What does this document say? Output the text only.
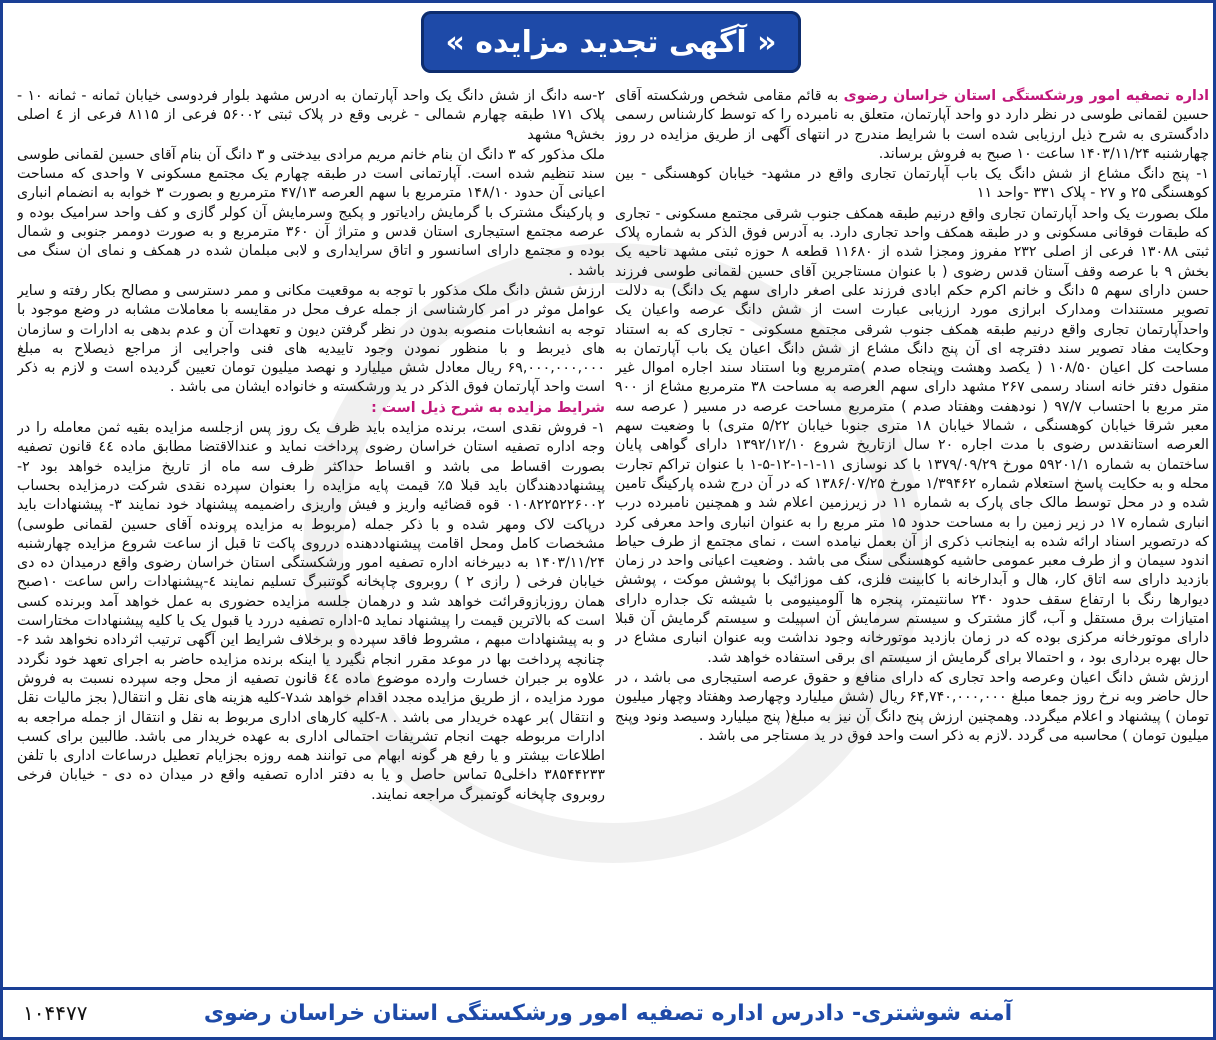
« آگهی تجدید مزایده »

اداره تصفیه امور ورشکستگی استان خراسان رضوی به قائم مقامی شخص ورشکسته آقای حسین لقمانی طوسی در نظر دارد دو واحد آپارتمان، متعلق به نامبرده را که توسط کارشناس رسمی دادگستری به شرح ذیل ارزیابی شده است با شرایط مندرج در انتهای آگهی از طریق مزایده در روز چهارشنبه ۱۴۰۳/۱۱/۲۴ ساعت ۱۰ صبح به فروش برساند.

۱- پنج دانگ مشاع از شش دانگ یک باب آپارتمان تجاری واقع در مشهد- خیابان کوهسنگی - بین کوهسنگی ۲۵ و ۲۷ - پلاک ۳۳۱ -واحد ۱۱

ملک بصورت یک واحد آپارتمان تجاری واقع درنیم طبقه همکف جنوب شرقی مجتمع مسکونی - تجاری که طبقات فوقانی مسکونی و در طبقه همکف واحد تجاری دارد. به آدرس فوق الذکر به شماره پلاک ثبتی ۱۳۰۸۸ فرعی از اصلی ۲۳۲ مفروز ومجزا شده از ۱۱۶۸۰ قطعه ۸ حوزه ثبتی مشهد ناحیه یک بخش ۹ با عرصه وقف آستان قدس رضوی ( با عنوان مستاجرین آقای حسین لقمانی طوسی فرزند حسن دارای سهم ۵ دانگ و خانم اکرم حکم ابادی فرزند علی اصغر دارای سهم یک دانگ) به دلالت تصویر مستندات ومدارک ابرازی مورد ارزیابی عبارت است از شش دانگ عرصه واعیان یک واحدآپارتمان تجاری واقع درنیم طبقه همکف جنوب شرقی مجتمع مسکونی - تجاری که به استناد وحکایت مفاد تصویر سند دفترچه ای آن پنج دانگ مشاع از شش دانگ اعیان یک باب آپارتمان به مساحت کل اعیان ۱۰۸/۵۰ ( یکصد وهشت وپنجاه صدم )مترمربع وبا استناد سند اجاره اموال غیر منقول دفتر خانه اسناد رسمی ۲۶۷ مشهد دارای سهم العرصه به مساحت ۳۸ مترمربع مشاع از ۹۰۰ متر مربع با احتساب ۹۷/۷ ( نودهفت وهفتاد صدم ) مترمربع مساحت عرصه در مسیر ( عرصه سه معبر شرقا خیابان کوهسنگی ، شمالا خیابان ۱۸ متری جنوبا خیابان ۵/۲۲ متری) با وضعیت سهم العرصه استانقدس رضوی با مدت اجاره ۲۰ سال ازتاریخ شروع ۱۳۹۲/۱۲/۱۰ دارای گواهی پایان ساختمان به شماره ۵۹۲۰۱/۱ مورخ ۱۳۷۹/۰۹/۲۹ با کد نوسازی ۱۱-۱-۱-۱۲-۵-۱ با عنوان تراکم تجارت محله و به حکایت پاسخ استعلام شماره ۱/۳۹۴۶۲ مورخ ۱۳۸۶/۰۷/۲۵ که در آن درج شده پارکینگ تامین شده و در محل توسط مالک جای پارک به شماره ۱۱ در زیرزمین اعلام شد و همچنین نامبرده درب انباری شماره ۱۷ در زیر زمین را به مساحت حدود ۱۵ متر مربع را به عنوان انباری واحد معرفی کرد که درتصویر اسناد ارائه شده به اینجانب ذکری از آن بعمل نیامده است ، نمای مجتمع از طرف حیاط اندود سیمان و از طرف معبر عمومی حاشیه کوهسنگی سنگ می باشد . وضعیت اعیانی واحد در زمان بازدید دارای سه اتاق کار، هال و آبدارخانه با کابینت فلزی، کف موزائیک با پوشش موکت ، پوشش دیوارها رنگ با ارتفاع سقف حدود ۲۴۰ سانتیمتر، پنجره ها آلومینیومی با شیشه تک جداره دارای امتیازات برق مستقل و آب، گاز مشترک و سیستم سرمایش آن اسپیلت و سیستم گرمایش آن قبلا دارای موتورخانه مرکزی بوده که در زمان بازدید موتورخانه وجود نداشت وبه عنوان انباری مشاع در حال بهره برداری بود ، و احتمالا برای گرمایش از سیستم ای برقی استفاده خواهد شد.

ارزش شش دانگ اعیان وعرصه واحد تجاری که دارای منافع و حقوق عرصه استیجاری می باشد ، در حال حاضر وبه نرخ روز جمعا مبلغ ۶۴,۷۴۰,۰۰۰,۰۰۰ ریال (شش میلیارد وچهارصد وهفتاد وچهار میلیون تومان ) پیشنهاد و اعلام میگردد. وهمچنین ارزش پنج دانگ آن نیز به مبلغ( پنج میلیارد وسیصد ونود وپنج میلیون تومان ) محاسبه می گردد .لازم به ذکر است واحد فوق در ید مستاجر می باشد .

۲-سه دانگ از شش دانگ یک واحد آپارتمان به ادرس مشهد بلوار فردوسی خیابان ثمانه - ثمانه ۱۰ - پلاک ۱۷۱ طبقه چهارم شمالی - غربی وقع در پلاک ثبتی ۵۶۰۰۲ فرعی از ۸۱۱۵ فرعی از ٤ اصلی بخش۹ مشهد

ملک مذکور که ۳ دانگ ان بنام خانم مریم مرادی بیدختی و ۳ دانگ آن بنام آقای حسین لقمانی طوسی سند تنظیم شده است. آپارتمانی است در طبقه چهارم یک مجتمع مسکونی ۷ واحدی که مساحت اعیانی آن حدود ۱۴۸/۱۰ مترمربع با سهم العرصه ۴۷/۱۳ مترمربع و بصورت ۳ خوابه به انضمام انباری و پارکینگ مشترک با گرمایش رادیاتور و پکیج وسرمایش آن کولر گازی و کف واحد سرامیک بوده و عرصه مجتمع استیجاری استان قدس و متراژ آن ۳۶۰ مترمربع و به صورت دوممر جنوبی و شمال بوده و مجتمع دارای اسانسور و اتاق سرایداری و لابی مبلمان شده در همکف و نمای ان سنگ می باشد .

ارزش شش دانگ ملک مذکور با توجه به موقعیت مکانی و ممر دسترسی و مصالح بکار رفته و سایر عوامل موثر در امر کارشناسی از جمله عرف محل در مقایسه با معاملات مشابه در وضع موجود با توجه به انشعابات منصوبه بدون در نظر گرفتن دیون و تعهدات آن و عدم بدهی به ادارات و سازمان های ذیربط و با منظور نمودن وجود تاییدیه های فنی واجرایی از مراجع ذیصلاح به مبلغ ۶۹,۰۰۰,۰۰۰,۰۰۰ ریال معادل شش میلیارد و نهصد میلیون تومان تعیین گردیده است و لازم به ذکر است واحد آپارتمان فوق الذکر در ید ورشکسته و خانواده ایشان می باشد .

شرایط مزایده به شرح ذیل است :

۱- فروش نقدی است، برنده مزایده باید ظرف یک روز پس ازجلسه مزایده بقیه ثمن معامله را در وجه اداره تصفیه استان خراسان رضوی پرداخت نماید و عندالاقتضا مطابق ماده ٤٤ قانون تصفیه بصورت اقساط می باشد و اقساط حداکثر ظرف سه ماه از تاریخ مزایده خواهد بود ۲- پیشنهاددهندگان باید قبلا ۵٪ قیمت پایه مزایده را بعنوان سپرده نقدی شرکت درمزایده بحساب ۰۱۰۸۲۲۵۲۲۶۰۰۲ قوه قضائیه واریز و فیش واریزی راضمیمه پیشنهاد خود نمایند ۳- پیشنهادات باید درپاکت لاک ومهر شده و با ذکر جمله (مربوط به مزایده پرونده آقای حسین لقمانی طوسی) مشخصات کامل ومحل اقامت پیشنهاددهنده درروی پاکت تا قبل از ساعت شروع مزایده چهارشنبه ۱۴۰۳/۱۱/۲۴ به دبیرخانه اداره تصفیه امور ورشکستگی استان خراسان رضوی واقع درمیدان ده دی خیابان فرخی ( رازی ۲ ) روبروی چاپخانه گوتنبرگ تسلیم نمایند ٤-پیشنهادات راس ساعت ۱۰صبح همان روزبازوقرائت خواهد شد و درهمان جلسه مزایده حضوری به عمل خواهد آمد وبرنده کسی است که بالاترین قیمت را پیشنهاد نماید ۵-اداره تصفیه دررد یا قبول یک یا کلیه پیشنهادات مختاراست و به پیشنهادات مبهم ، مشروط فاقد سپرده و برخلاف شرایط این آگهی ترتیب اثرداده نخواهد شد ۶-چنانچه پرداخت بها در موعد مقرر انجام نگیرد یا اینکه برنده مزایده حاضر به اجرای تعهد خود نگردد علاوه بر جبران خسارت وارده موضوع ماده ٤٤ قانون تصفیه از محل وجه سپرده نسبت به فروش مورد مزایده ، از طریق مزایده مجدد اقدام خواهد شد۷-کلیه هزینه های نقل و انتقال( بجز مالیات نقل و انتقال )بر عهده خریدار می باشد . ۸-کلیه کارهای اداری مربوط به نقل و انتقال از جمله مراجعه به ادارات مربوطه جهت انجام تشریفات احتمالی اداری به عهده خریدار می باشد. طالبین برای کسب اطلاعات بیشتر و یا رفع هر گونه ابهام می توانند همه روزه بجزایام تعطیل درساعات اداری با تلفن ۳۸۵۴۴۲۳۳ داخلی۵ تماس حاصل و یا به دفتر اداره تصفیه واقع در میدان ده دی - خیابان فرخی روبروی چاپخانه گوتمبرگ مراجعه نمایند.

آمنه شوشتری- دادرس اداره تصفیه امور ورشکستگی استان خراسان رضوی
۱۰۴۴۷۷
